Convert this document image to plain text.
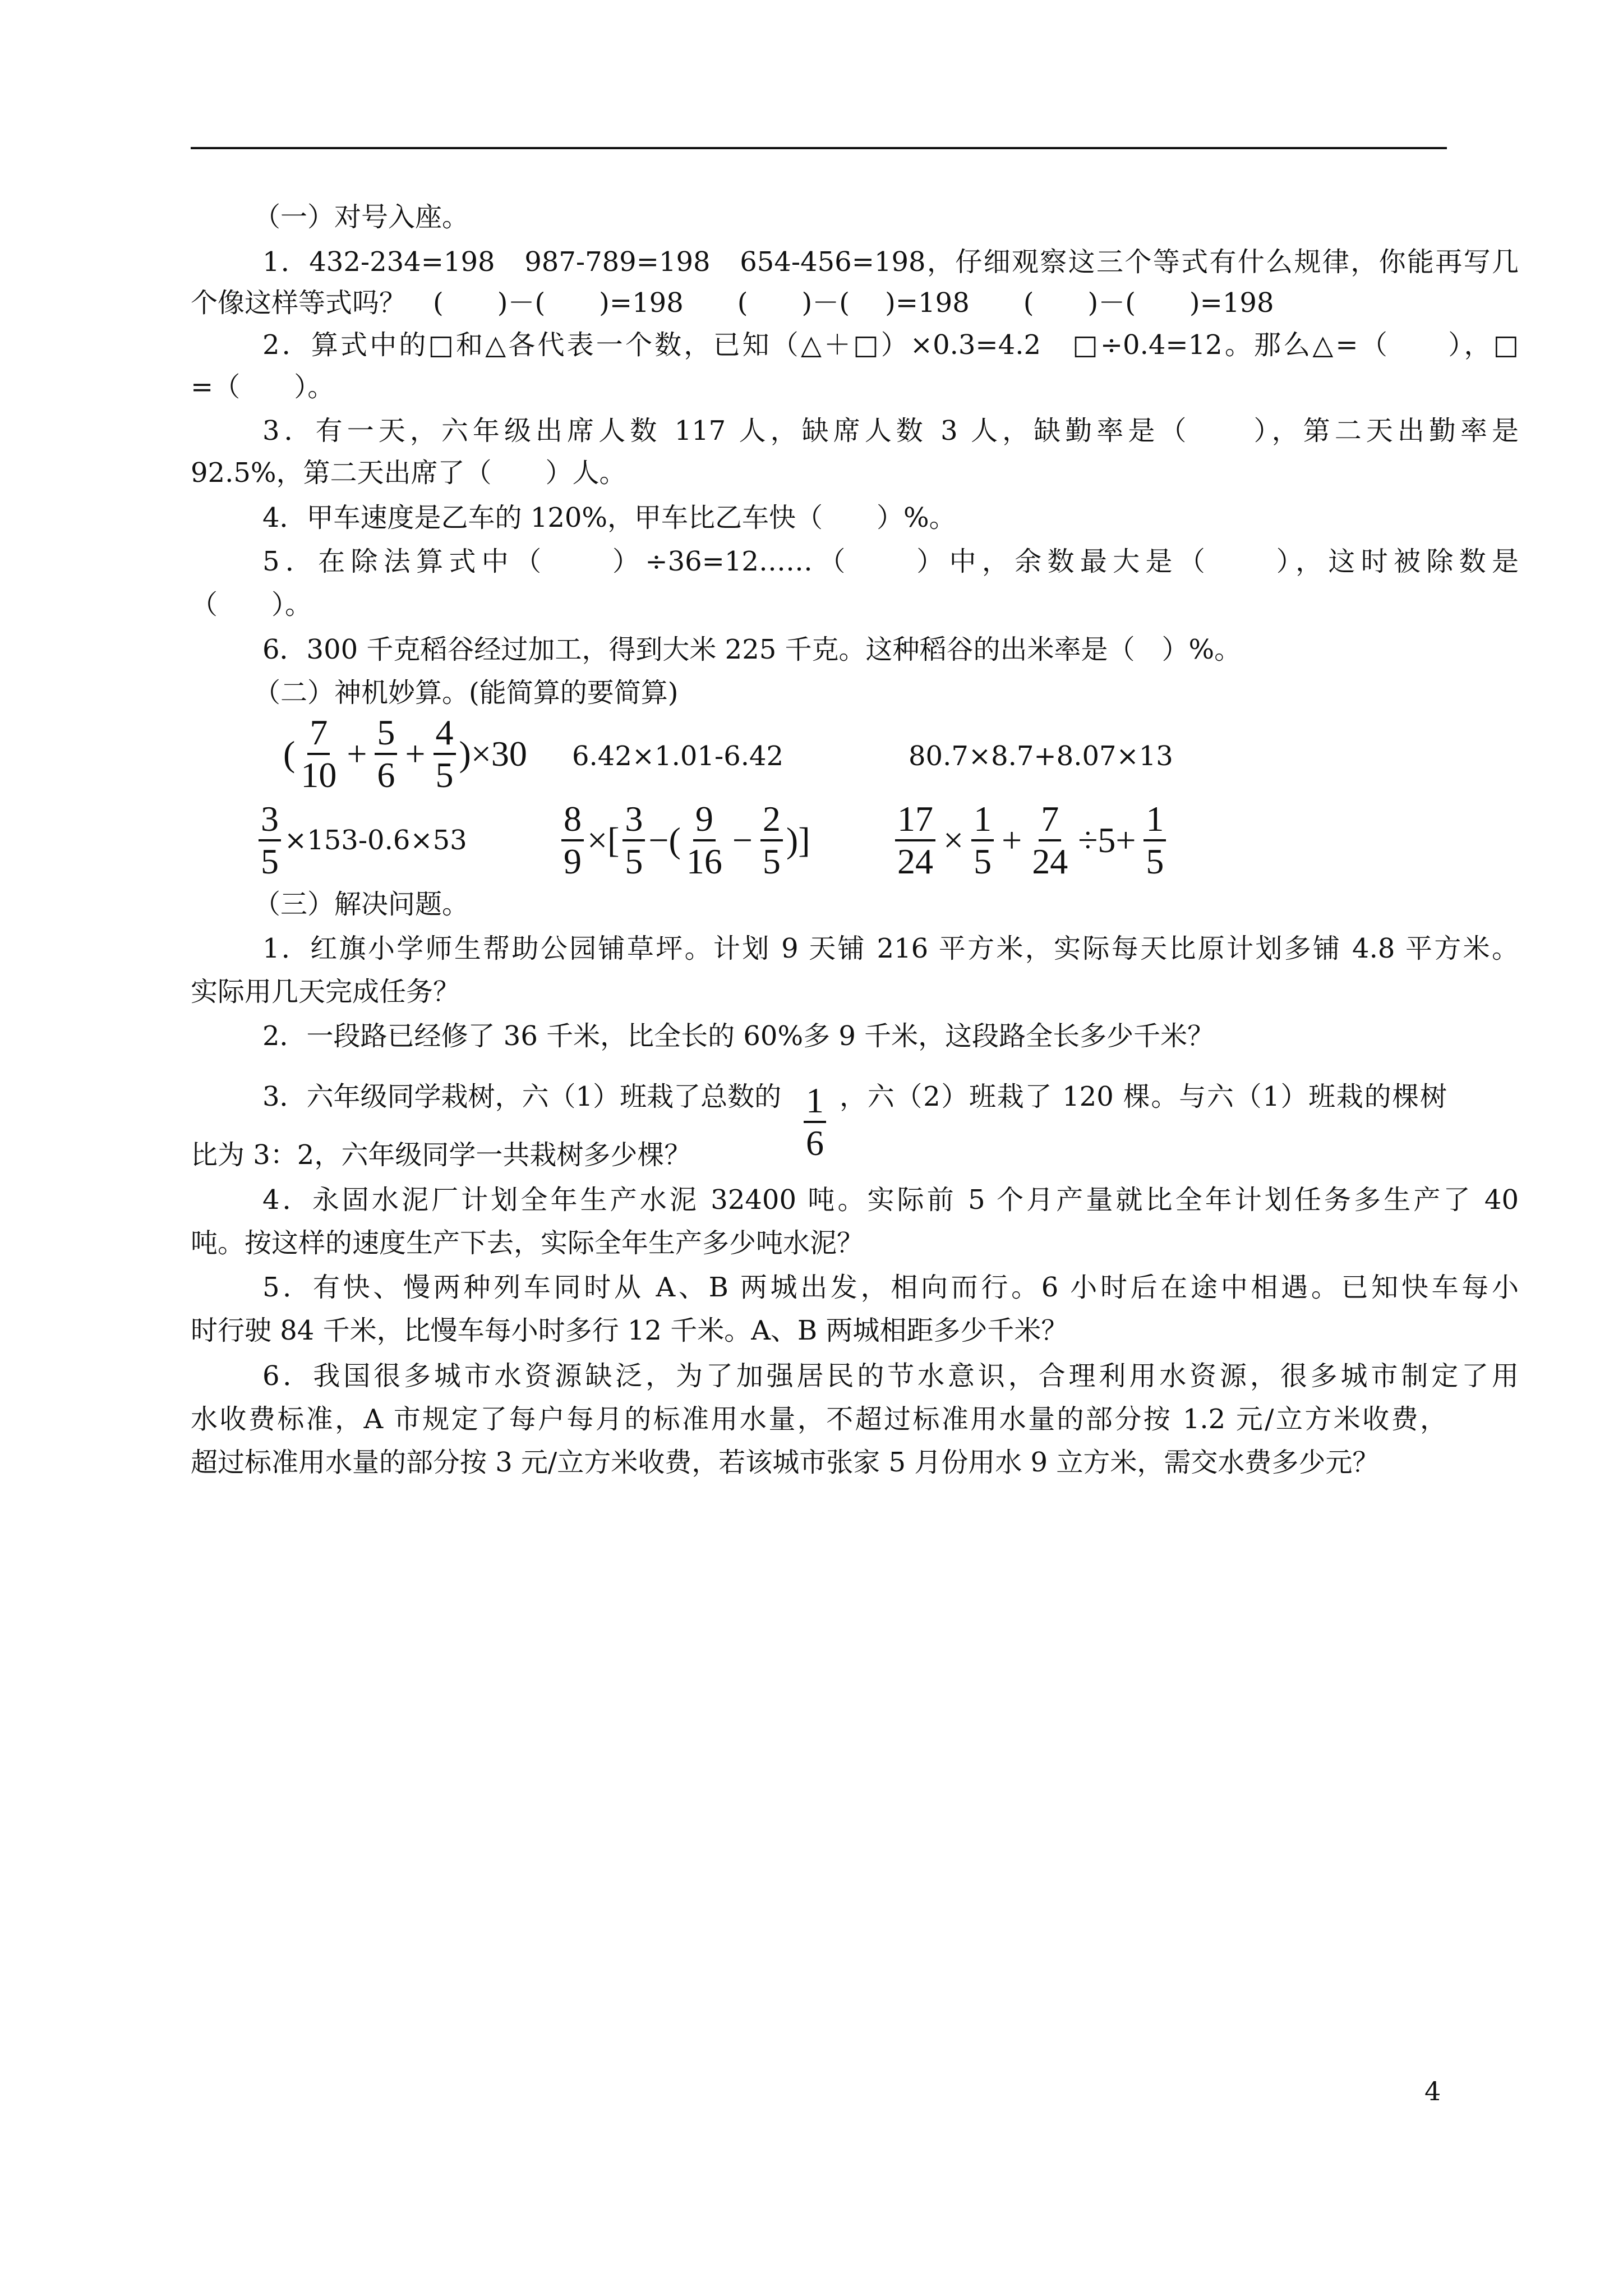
（一）对号入座。
1．432-234=198　987-789=198　654-456=198，仔细观察这三个等式有什么规律，你能再写几
个像这样等式吗？　(　　)－(　　)=198　　(　　)－(　 )=198　　(　　)－(　　)=198
2．算式中的□和△各代表一个数，已知（△＋□）×0.3=4.2　□÷0.4=12。那么△=（　　），□
=（　　）。
3．有一天，六年级出席人数 117 人，缺席人数 3 人，缺勤率是（　　），第二天出勤率是
92.5%，第二天出席了（　　）人。
4．甲车速度是乙车的 120%，甲车比乙车快（　　）%。
5．在除法算式中（　　）÷36=12……（　　）中，余数最大是（　　），这时被除数是
（　　）。
6．300 千克稻谷经过加工，得到大米 225 千克。这种稻谷的出米率是（　）%。
（二）神机妙算。(能简算的要简算)
(
7
10
+ $\frac{5}{6} + \frac{4}{5} )\times 30$ 6.42×1.01-6.42	80.7×8.7+8.07×13
$\frac{3}{5} \times 153-0.6\times 53$	$\frac{8}{9}$ ×[
3
5
−(
9
16
− $\frac{2}{5}$ )] $\frac{17}{24} \times \frac{1}{5} + \frac{7}{24} \div 5+ \frac{1}{5}$
（三）解决问题。
1．红旗小学师生帮助公园铺草坪。计划 9 天铺 216 平方米，实际每天比原计划多铺 4.8 平方米。
实际用几天完成任务？
2．一段路已经修了 36 千米，比全长的 60%多 9 千米，这段路全长多少千米？
3．六年级同学栽树，六（1）班栽了总数的 $\frac{1}{6}$ ，六（2）班栽了 120 棵。与六（1）班栽的棵树
比为 3：2，六年级同学一共栽树多少棵？
4．永固水泥厂计划全年生产水泥 32400 吨。实际前 5 个月产量就比全年计划任务多生产了 40
吨。按这样的速度生产下去，实际全年生产多少吨水泥？
5．有快、慢两种列车同时从 A、B 两城出发，相向而行。6 小时后在途中相遇。已知快车每小
时行驶 84 千米，比慢车每小时多行 12 千米。A、B 两城相距多少千米？
6．我国很多城市水资源缺泛，为了加强居民的节水意识，合理利用水资源，很多城市制定了用
水收费标准，A 市规定了每户每月的标准用水量，不超过标准用水量的部分按 1.2 元/立方米收费，
超过标准用水量的部分按 3 元/立方米收费，若该城市张家 5 月份用水 9 立方米，需交水费多少元？
4
